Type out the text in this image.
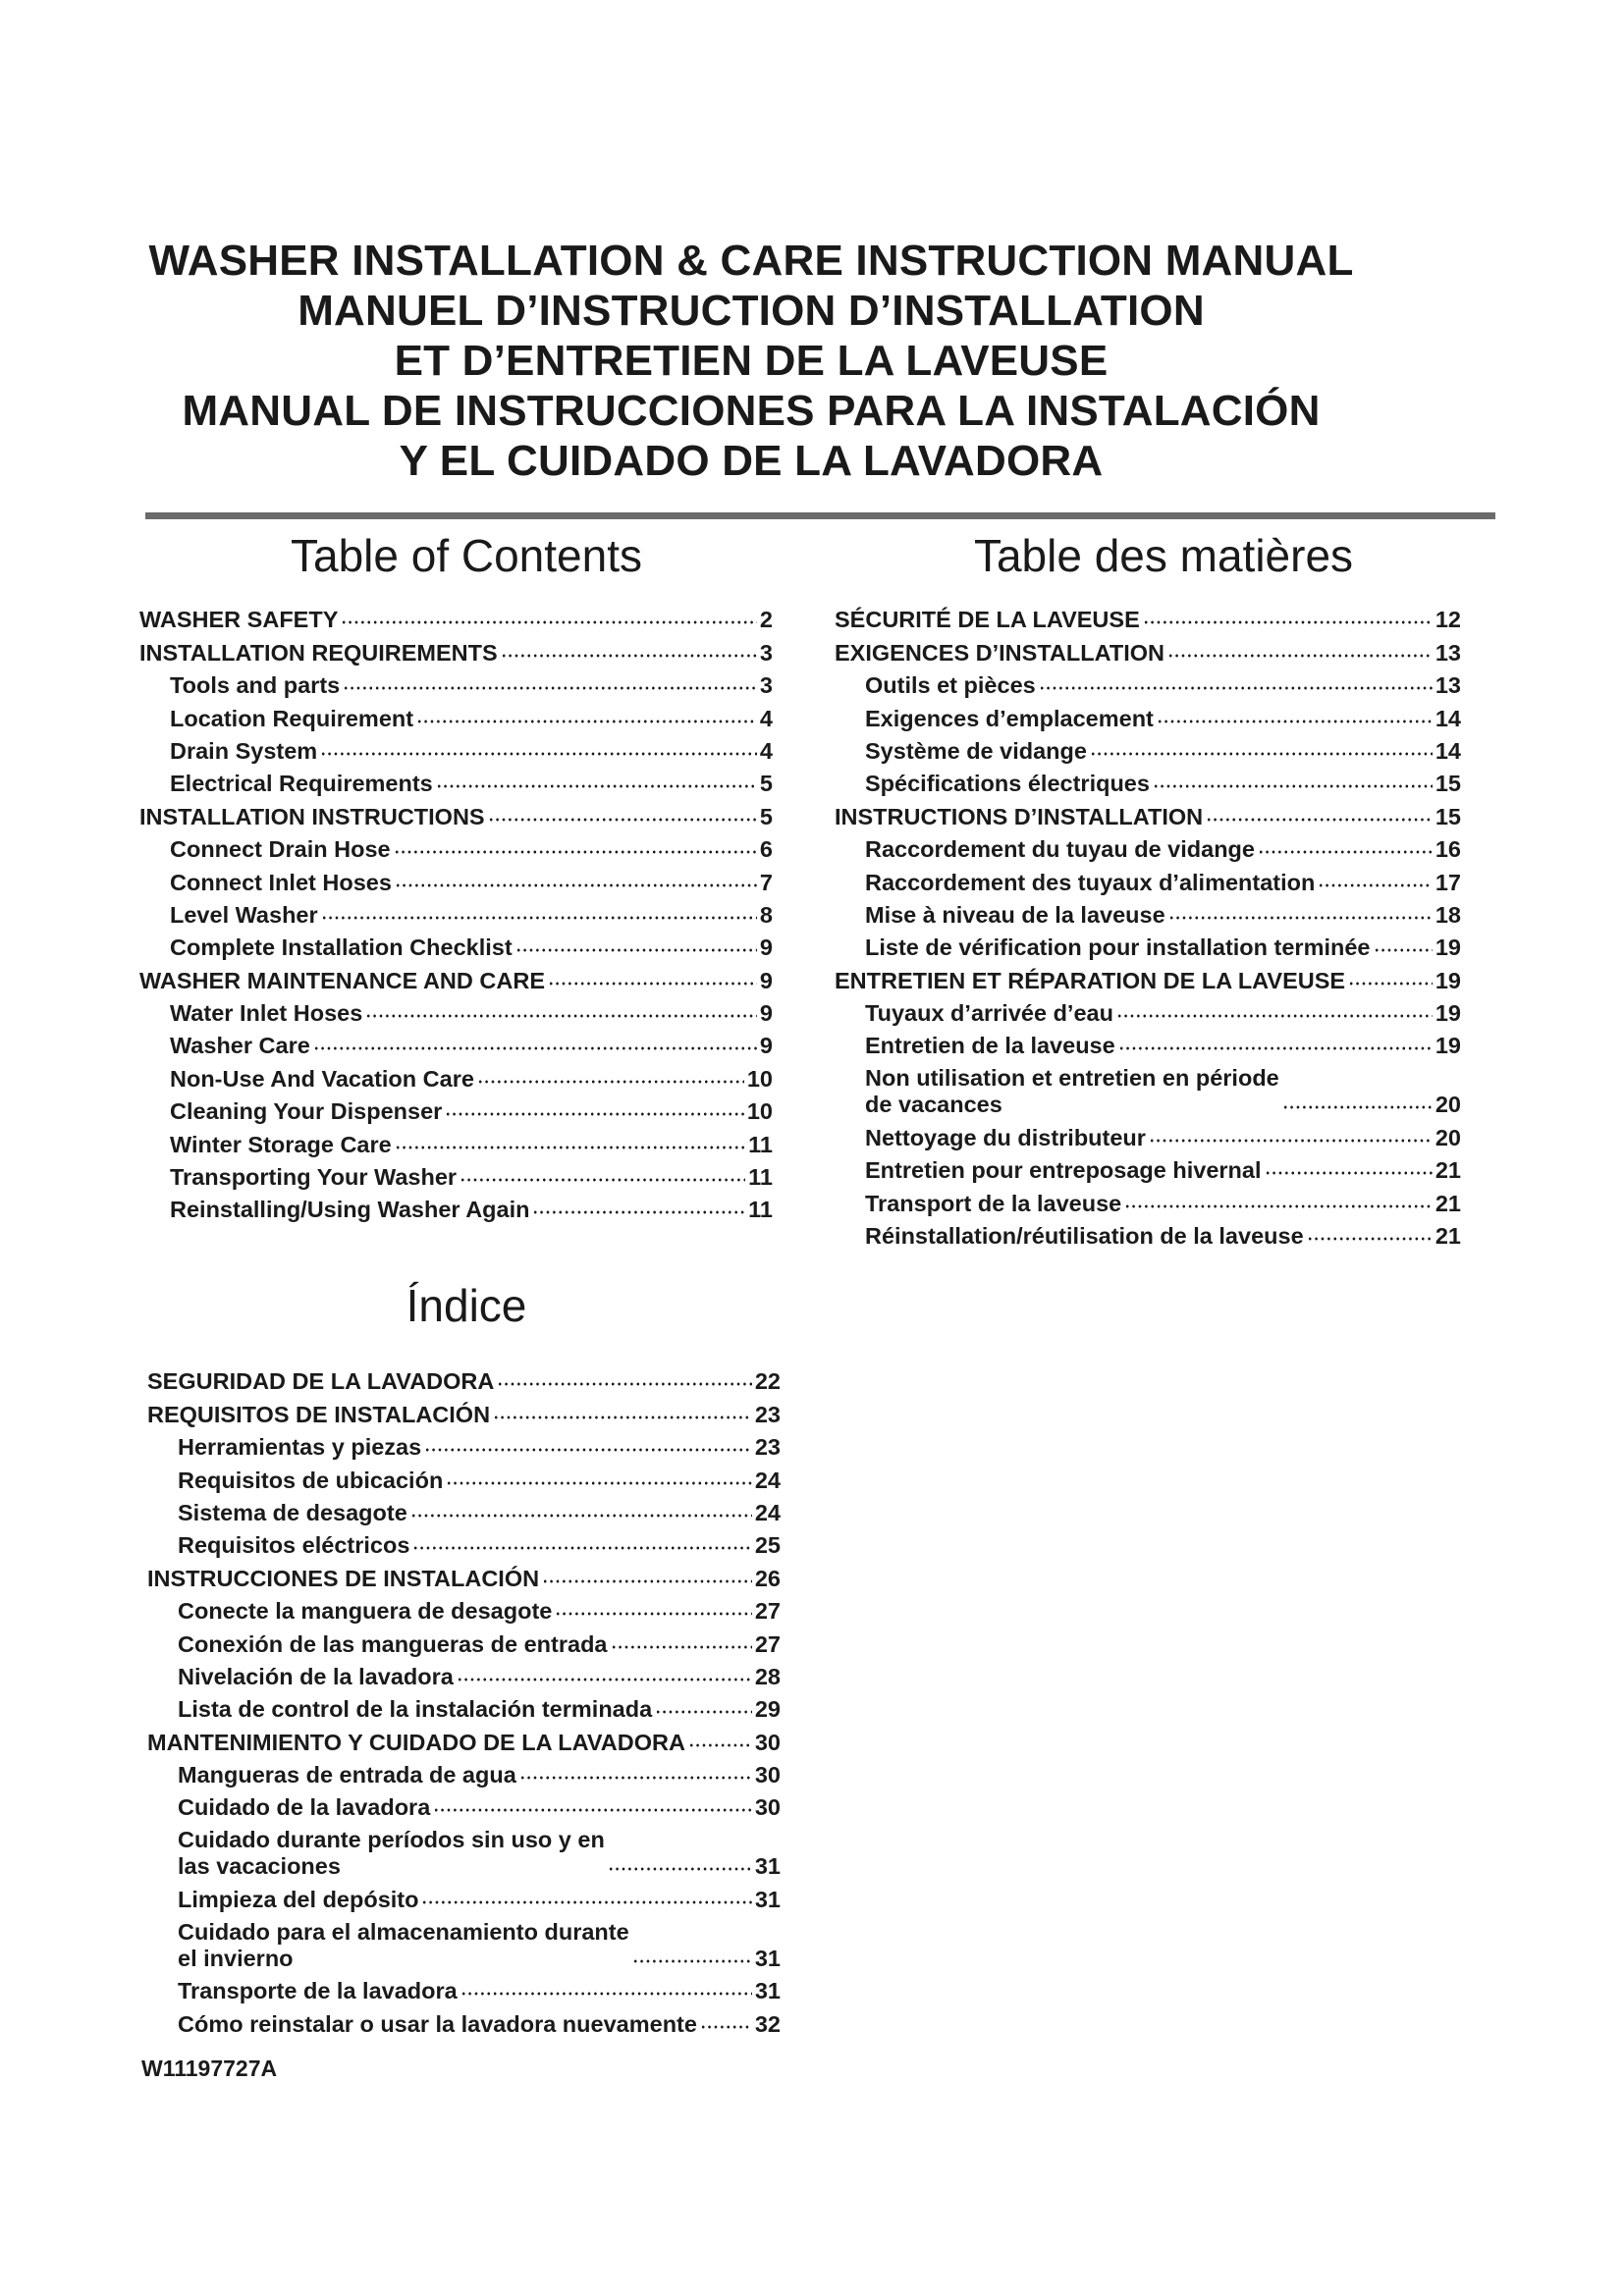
WASHER INSTALLATION & CARE INSTRUCTION MANUAL
MANUEL D’INSTRUCTION D’INSTALLATION
ET D’ENTRETIEN DE LA LAVEUSE
MANUAL DE INSTRUCCIONES PARA LA INSTALACIÓN
Y EL CUIDADO DE LA LAVADORA
Table of Contents	Table des matières
Índice
WASHER SAFETY	2
INSTALLATION REQUIREMENTS	3
Tools and parts	3
Location Requirement	4
Drain System	4
Electrical Requirements	5
INSTALLATION INSTRUCTIONS	5
Connect Drain Hose	6
Connect Inlet Hoses	7
Level Washer	8
Complete Installation Checklist	9
WASHER MAINTENANCE AND CARE	9
Water Inlet Hoses	9
Washer Care	9
Non-Use And Vacation Care	10
Cleaning Your Dispenser	10
Winter Storage Care	11
Transporting Your Washer	11
Reinstalling/Using Washer Again	11
SÉCURITÉ DE LA LAVEUSE	12
EXIGENCES D’INSTALLATION	13
Outils et pièces	13
Exigences d’emplacement	14
Système de vidange	14
Spécifications électriques	15
INSTRUCTIONS D’INSTALLATION	15
Raccordement du tuyau de vidange	16
Raccordement des tuyaux d’alimentation	17
Mise à niveau de la laveuse	18
Liste de vérification pour installation terminée	19
ENTRETIEN ET RÉPARATION DE LA LAVEUSE	19
Tuyaux d’arrivée d’eau	19
Entretien de la laveuse	19
Non utilisation et entretien en période
de vacances	20
Nettoyage du distributeur	20
Entretien pour entreposage hivernal	21
Transport de la laveuse	21
Réinstallation/réutilisation de la laveuse	21
SEGURIDAD DE LA LAVADORA	22
REQUISITOS DE INSTALACIÓN	23
Herramientas y piezas	23
Requisitos de ubicación	24
Sistema de desagote	24
Requisitos eléctricos	25
INSTRUCCIONES DE INSTALACIÓN	26
Conecte la manguera de desagote	27
Conexión de las mangueras de entrada	27
Nivelación de la lavadora	28
Lista de control de la instalación terminada	29
MANTENIMIENTO Y CUIDADO DE LA LAVADORA	30
Mangueras de entrada de agua	30
Cuidado de la lavadora	30
Cuidado durante períodos sin uso y en
las vacaciones	31
Limpieza del depósito	31
Cuidado para el almacenamiento durante
el invierno	31
Transporte de la lavadora	31
Cómo reinstalar o usar la lavadora nuevamente	32
W11197727A
